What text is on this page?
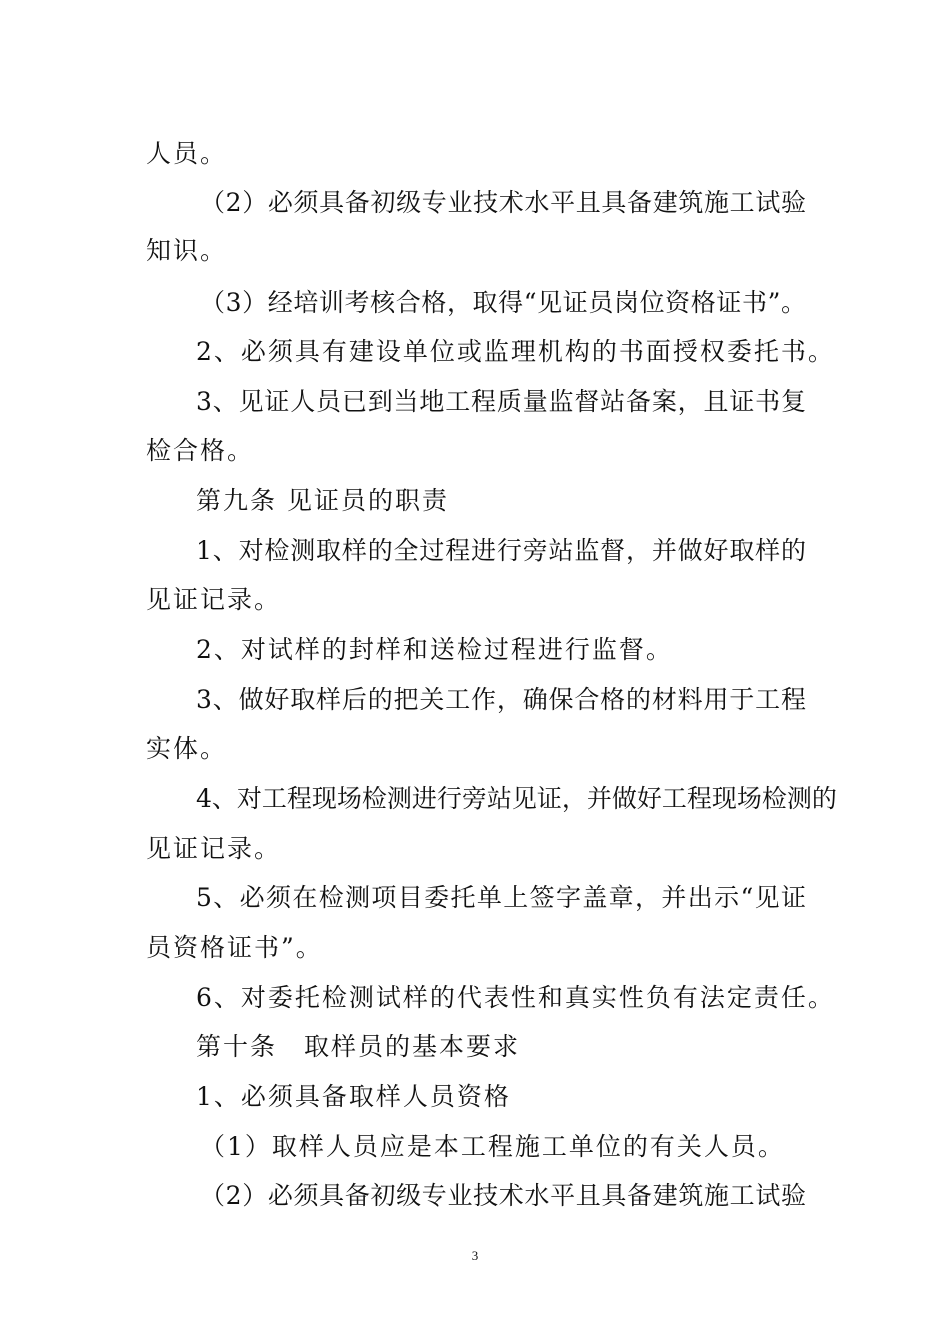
人员。
（2）必须具备初级专业技术水平且具备建筑施工试验
知识。
（3）经培训考核合格，取得“见证员岗位资格证书”。
2、必须具有建设单位或监理机构的书面授权委托书。
3、见证人员已到当地工程质量监督站备案，且证书复
检合格。
第九条 见证员的职责
1、对检测取样的全过程进行旁站监督，并做好取样的
见证记录。
2、对试样的封样和送检过程进行监督。
3、做好取样后的把关工作，确保合格的材料用于工程
实体。
4、对工程现场检测进行旁站见证，并做好工程现场检测的
见证记录。
5、必须在检测项目委托单上签字盖章，并出示“见证
员资格证书”。
6、对委托检测试样的代表性和真实性负有法定责任。
第十条　取样员的基本要求
1、必须具备取样人员资格
（1）取样人员应是本工程施工单位的有关人员。
（2）必须具备初级专业技术水平且具备建筑施工试验
3
